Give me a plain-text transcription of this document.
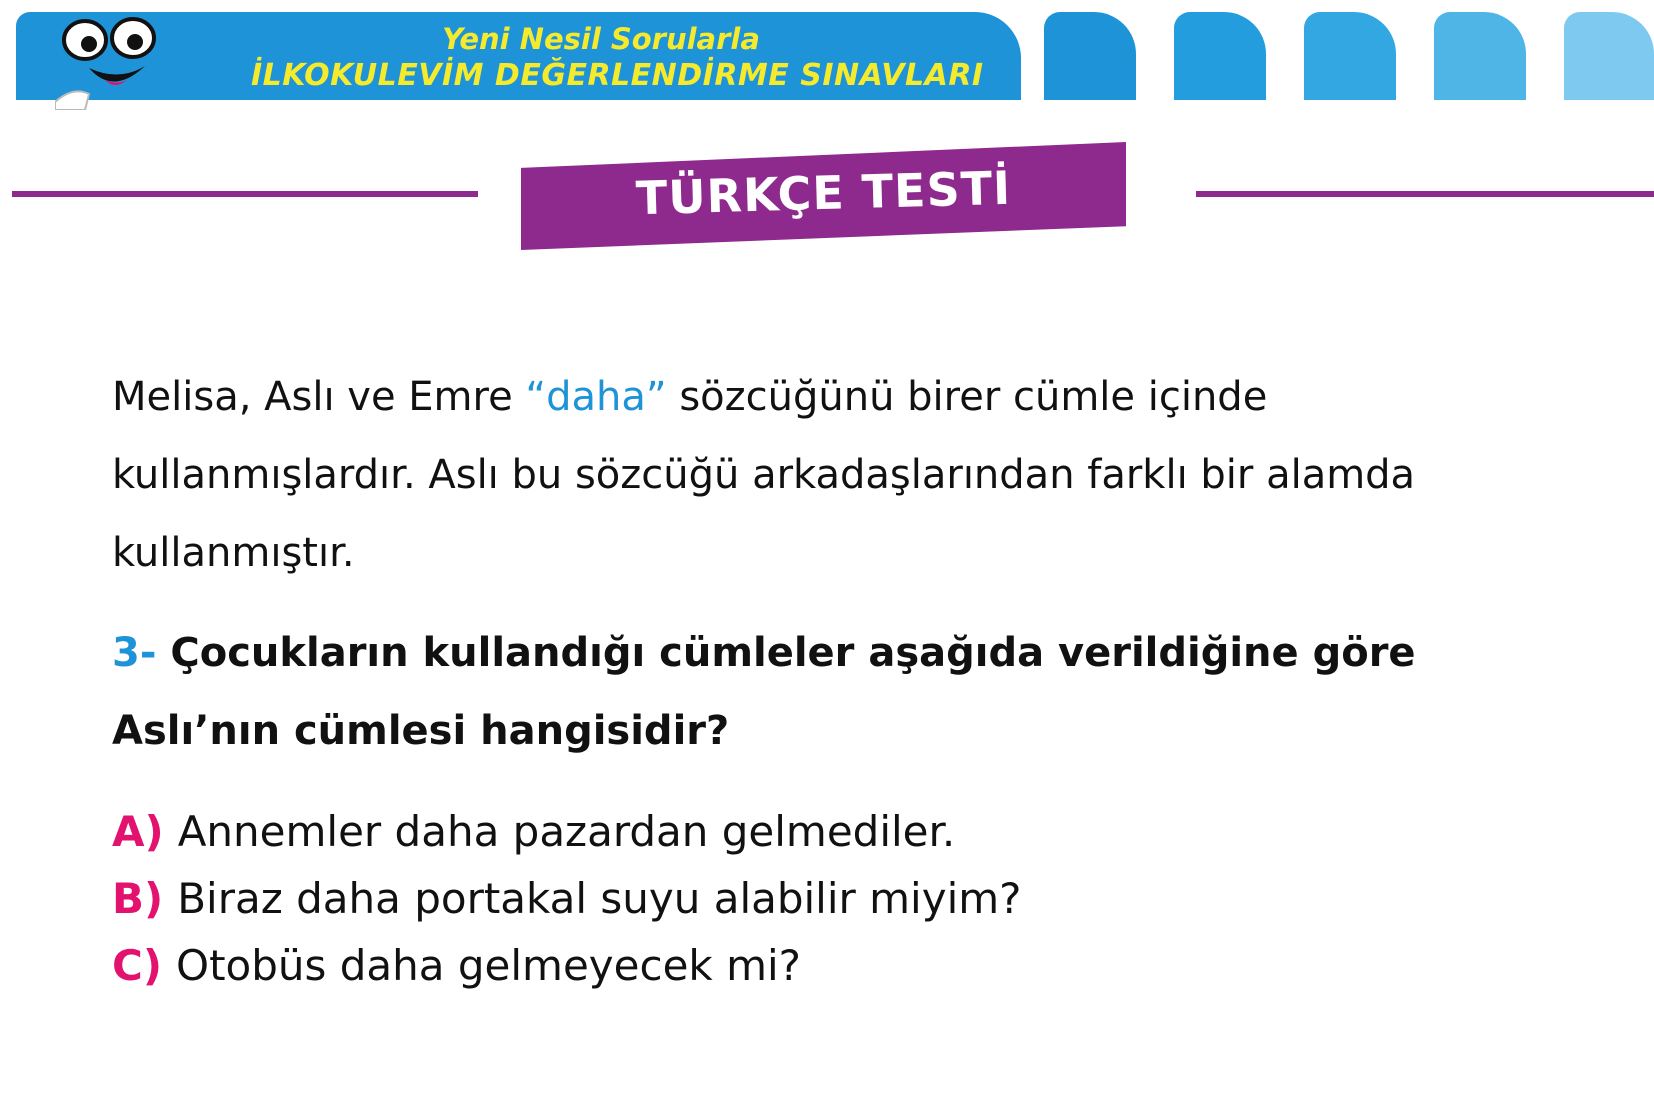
Yeni Nesil Sorularla
İLKOKULEVİM DEĞERLENDİRME SINAVLARI
TÜRKÇE TESTİ
Melisa, Aslı ve Emre “daha” sözcüğünü birer cümle içinde kullanmışlardır. Aslı bu sözcüğü arkadaşlarından farklı bir alamda kullanmıştır.
3- Çocukların kullandığı cümleler aşağıda verildiğine göre Aslı’nın cümlesi hangisidir?
A) Annemler daha pazardan gelmediler.
B) Biraz daha portakal suyu alabilir miyim?
C) Otobüs daha gelmeyecek mi?
